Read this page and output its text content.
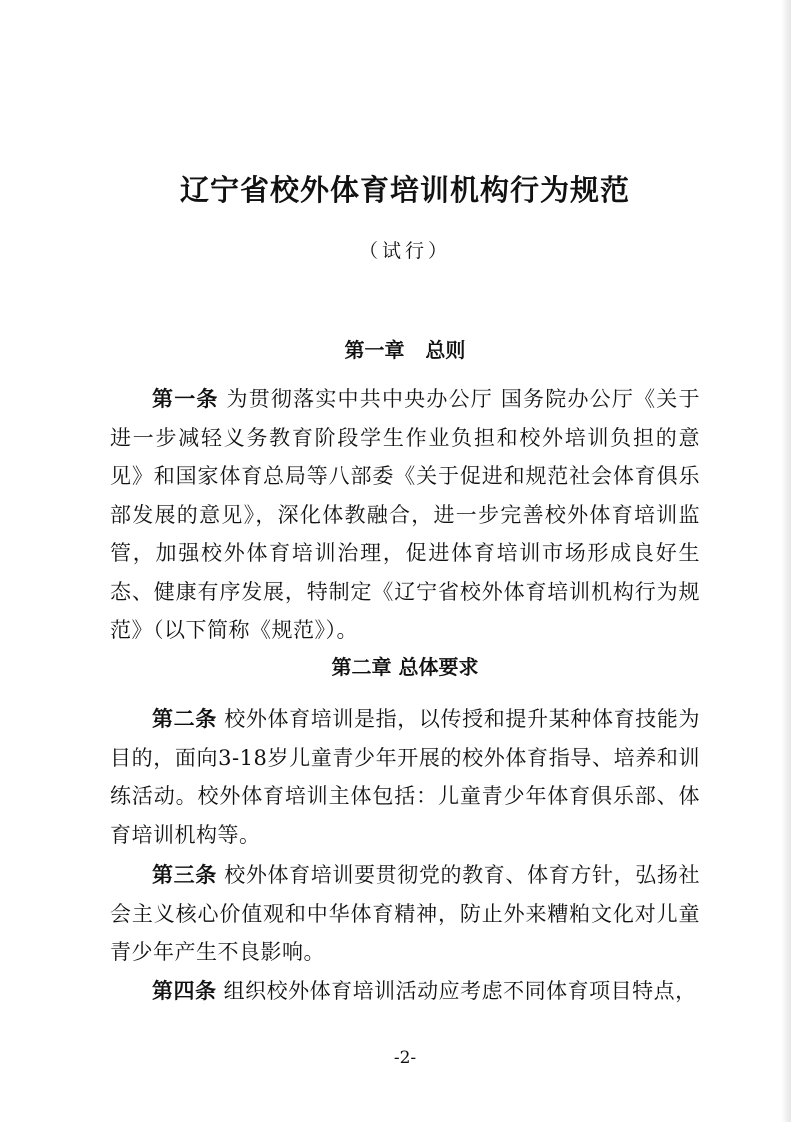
辽宁省校外体育培训机构行为规范
（试行）
第一章   总则

第一条 为贯彻落实中共中央办公厅 国务院办公厅《关于进一步减轻义务教育阶段学生作业负担和校外培训负担的意见》和国家体育总局等八部委《关于促进和规范社会体育俱乐部发展的意见》，深化体教融合，进一步完善校外体育培训监管，加强校外体育培训治理，促进体育培训市场形成良好生态、健康有序发展，特制定《辽宁省校外体育培训机构行为规范》（以下简称《规范》）。

第二章 总体要求

第二条 校外体育培训是指，以传授和提升某种体育技能为目的，面向3-18岁儿童青少年开展的校外体育指导、培养和训练活动。校外体育培训主体包括：儿童青少年体育俱乐部、体育培训机构等。

第三条 校外体育培训要贯彻党的教育、体育方针，弘扬社会主义核心价值观和中华体育精神，防止外来糟粕文化对儿童青少年产生不良影响。

第四条 组织校外体育培训活动应考虑不同体育项目特点，

-2-
